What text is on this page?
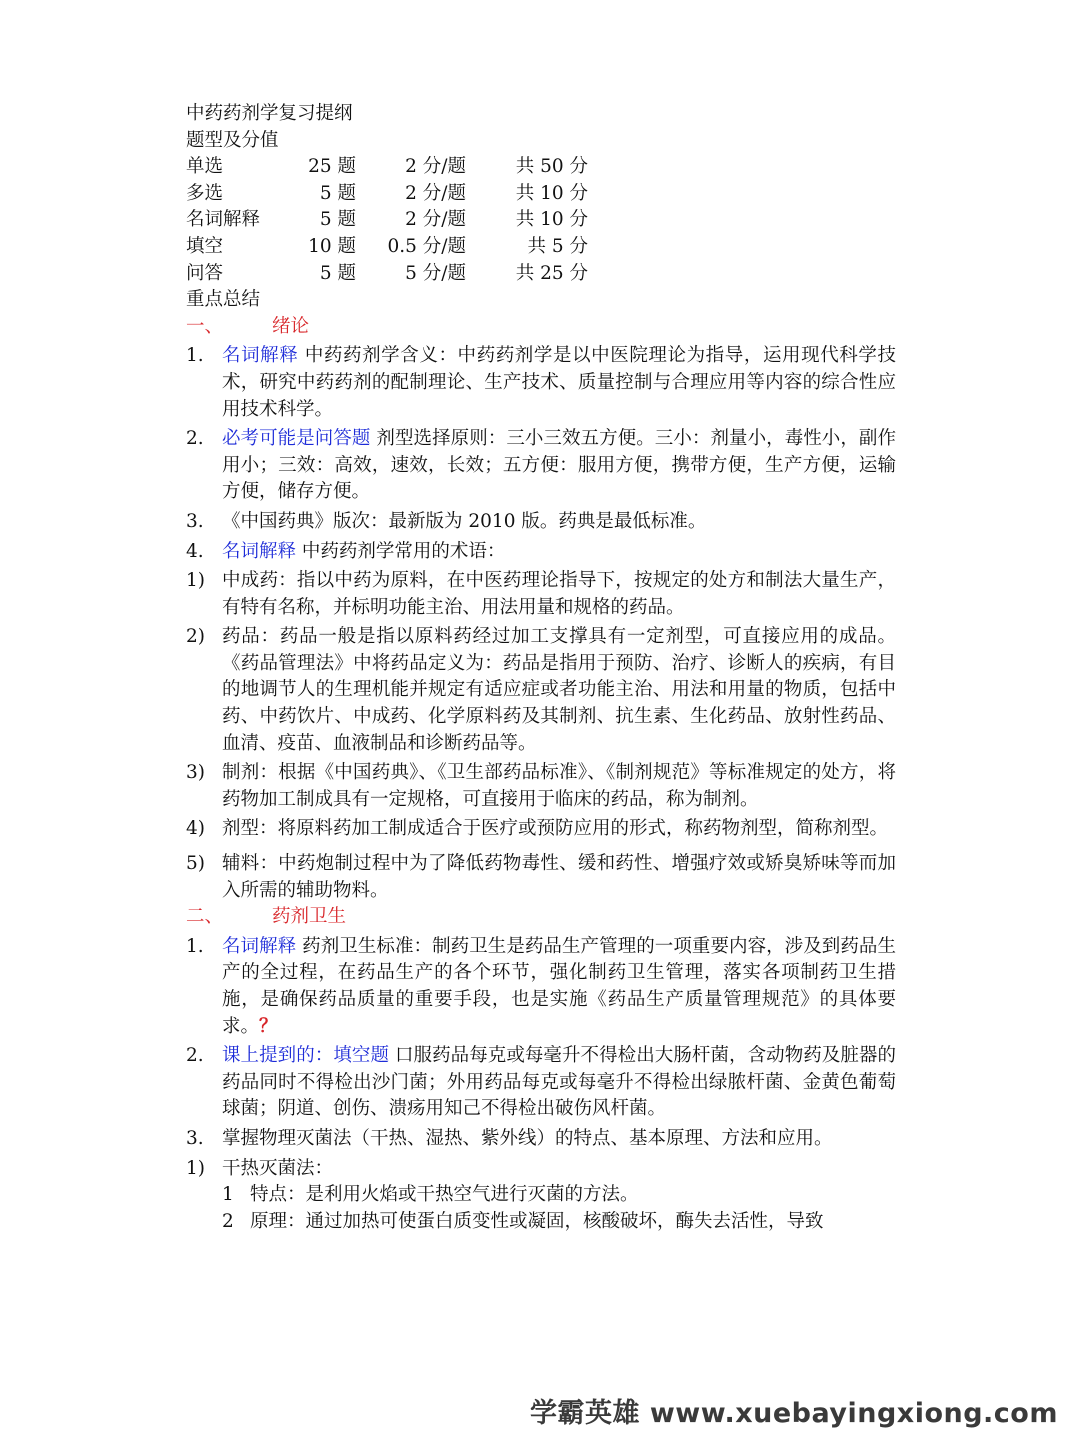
中药药剂学复习提纲
题型及分值
单选	25 题	2 分/题	共 50 分
多选	5 题	2 分/题	共 10 分
名词解释	5 题	2 分/题	共 10 分
填空	10 题	0.5 分/题	共 5 分
问答	5 题	5 分/题	共 25 分
重点总结
一、	绪论
1. 名词解释 中药药剂学含义：中药药剂学是以中医院理论为指导，运用现代科学技术，研究中药药剂的配制理论、生产技术、质量控制与合理应用等内容的综合性应用技术科学。
2. 必考可能是问答题 剂型选择原则：三小三效五方便。三小：剂量小，毒性小，副作用小；三效：高效，速效，长效；五方便：服用方便，携带方便，生产方便，运输方便，储存方便。
3. 《中国药典》版次：最新版为 2010 版。药典是最低标准。
4. 名词解释 中药药剂学常用的术语：
1) 中成药：指以中药为原料，在中医药理论指导下，按规定的处方和制法大量生产，有特有名称，并标明功能主治、用法用量和规格的药品。
2) 药品：药品一般是指以原料药经过加工支撑具有一定剂型，可直接应用的成品。《药品管理法》中将药品定义为：药品是指用于预防、治疗、诊断人的疾病，有目的地调节人的生理机能并规定有适应症或者功能主治、用法和用量的物质，包括中药、中药饮片、中成药、化学原料药及其制剂、抗生素、生化药品、放射性药品、血清、疫苗、血液制品和诊断药品等。
3) 制剂：根据《中国药典》、《卫生部药品标准》、《制剂规范》等标准规定的处方，将药物加工制成具有一定规格，可直接用于临床的药品，称为制剂。
4) 剂型：将原料药加工制成适合于医疗或预防应用的形式，称药物剂型，简称剂型。
5) 辅料：中药炮制过程中为了降低药物毒性、缓和药性、增强疗效或矫臭矫味等而加入所需的辅助物料。
二、	药剂卫生
1. 名词解释 药剂卫生标准：制药卫生是药品生产管理的一项重要内容，涉及到药品生产的全过程，在药品生产的各个环节，强化制药卫生管理，落实各项制药卫生措施，是确保药品质量的重要手段，也是实施《药品生产质量管理规范》的具体要求。？
2. 课上提到的：填空题 口服药品每克或每毫升不得检出大肠杆菌，含动物药及脏器的药品同时不得检出沙门菌；外用药品每克或每毫升不得检出绿脓杆菌、金黄色葡萄球菌；阴道、创伤、溃疡用知己不得检出破伤风杆菌。
3. 掌握物理灭菌法（干热、湿热、紫外线）的特点、基本原理、方法和应用。
1) 干热灭菌法：
1 特点：是利用火焰或干热空气进行灭菌的方法。
2 原理：通过加热可使蛋白质变性或凝固，核酸破坏，酶失去活性，导致
学霸英雄 www.xuebayingxiong.com
